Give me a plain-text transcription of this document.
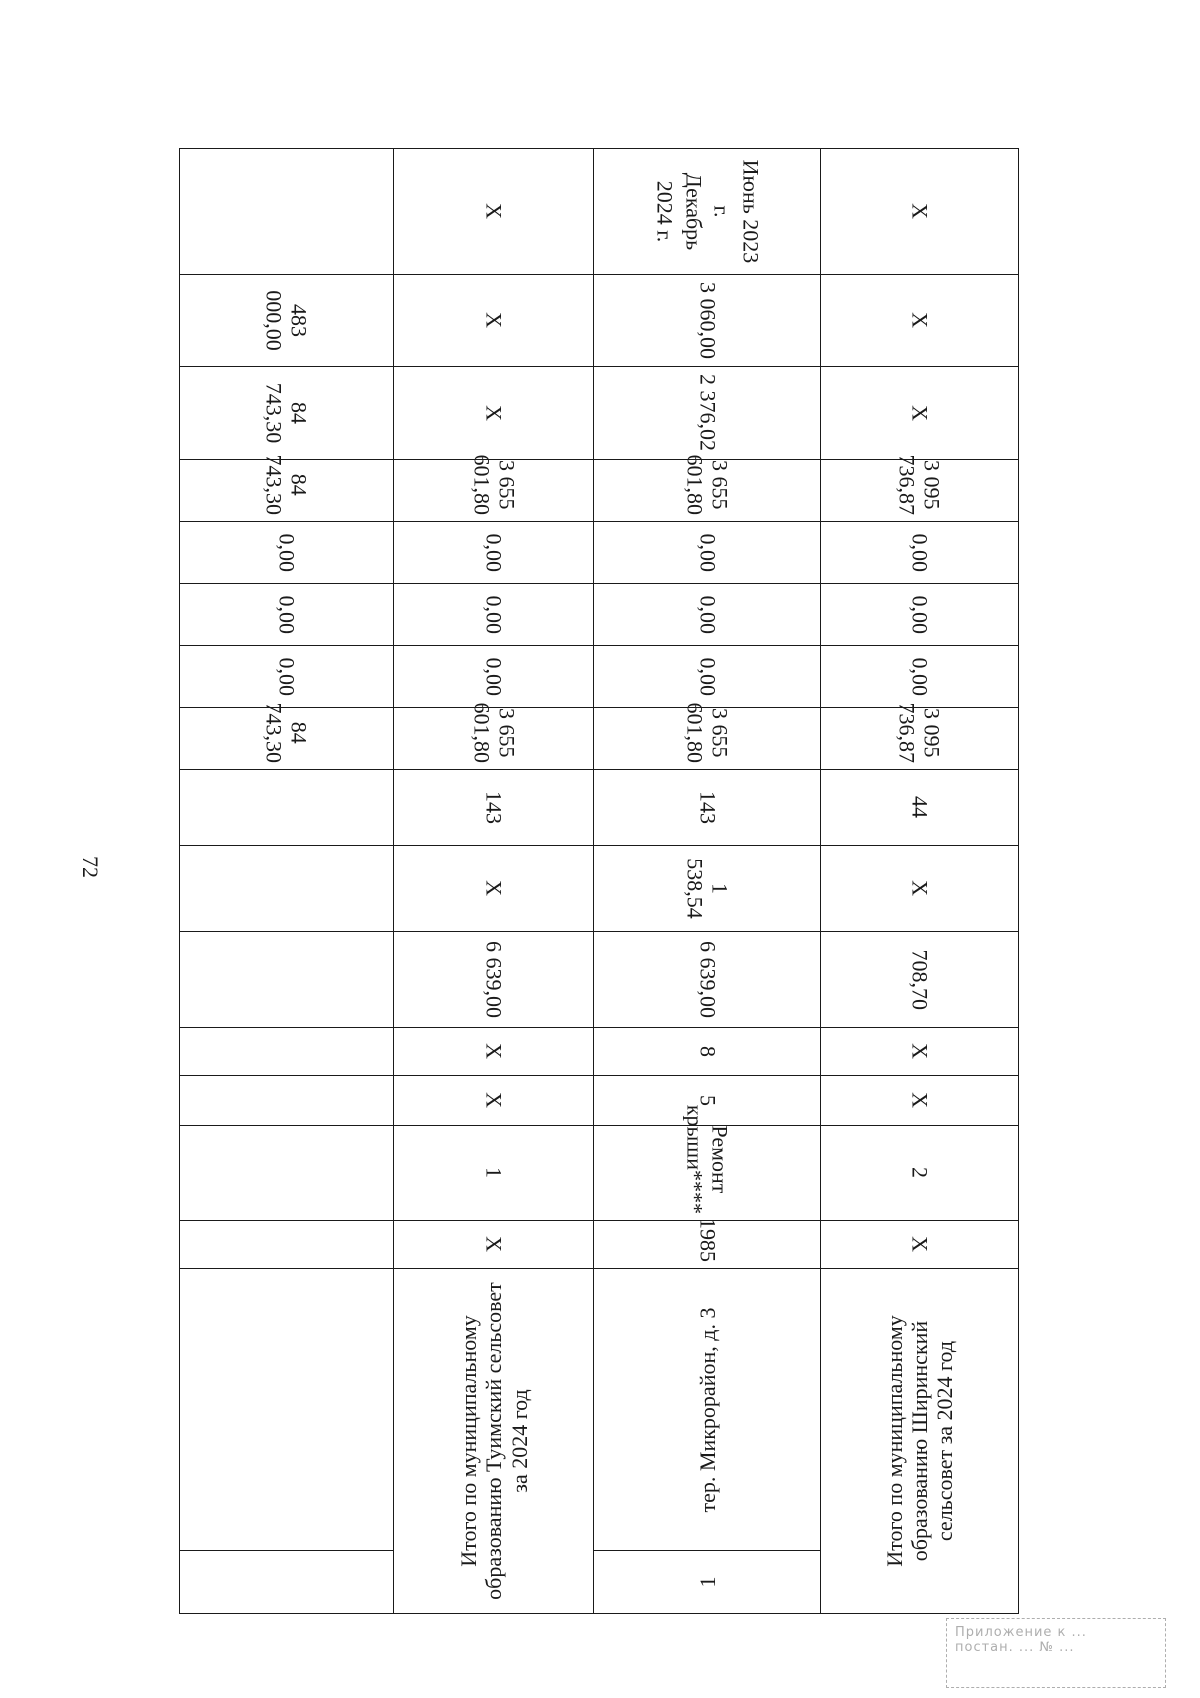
72
								84 743,30	0,00	0,00	0,00	84 743,30	84 743,30	483 000,00	
Итого по муниципальному образованию Туимский сельсовет за 2024 год	X	1	X	X	6 639,00	X	143	3 655 601,80	0,00	0,00	0,00	3 655 601,80	X	X	X

1
тер. Микрорайон, д. 3	1985	Ремонт крыши****	5	8	6 639,00	1 538,54	143	3 655 601,80	0,00	0,00	0,00	3 655 601,80	2 376,02	3 060,00	Июнь 2023 г.
Декабрь 2024 г.
Итого по муниципальному образованию Ширинский сельсовет за 2024 год	X	2	X	X	708,70	X	44	3 095 736,87	0,00	0,00	0,00	3 095 736,87	X	X	X
Приложение к ...
постан. ... № ...
